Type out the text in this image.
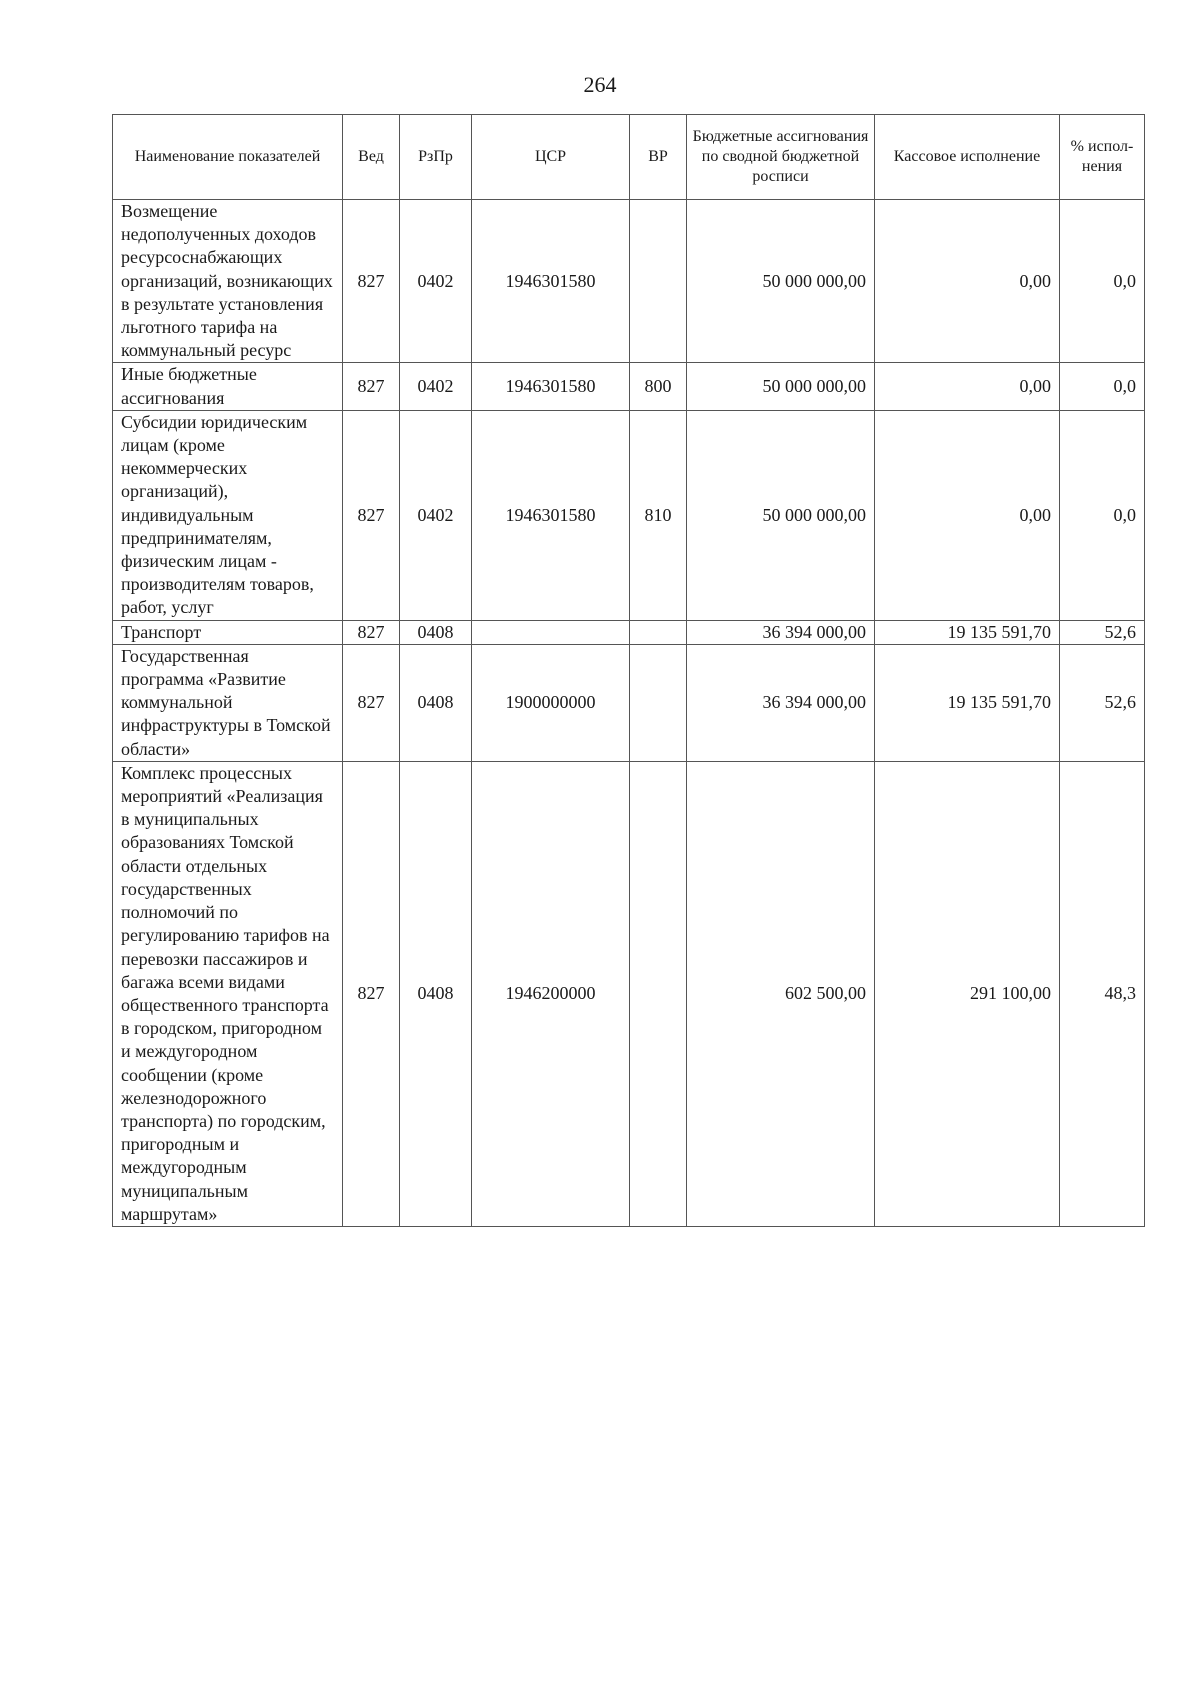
264
Наименование показателей	Вед	РзПр	ЦСР	ВР	Бюджетные ассигнования по сводной бюджетной росписи	Кассовое исполнение	% испол-нения
Возмещение недополученных доходов ресурсоснабжающих организаций, возникающих в результате установления льготного тарифа на коммунальный ресурс	827	0402	1946301580		50 000 000,00	0,00	0,0
Иные бюджетные ассигнования	827	0402	1946301580	800	50 000 000,00	0,00	0,0
Субсидии юридическим лицам (кроме некоммерческих организаций), индивидуальным предпринимателям, физическим лицам - производителям товаров, работ, услуг	827	0402	1946301580	810	50 000 000,00	0,00	0,0
Транспорт	827	0408			36 394 000,00	19 135 591,70	52,6
Государственная программа «Развитие коммунальной инфраструктуры в Томской области»	827	0408	1900000000		36 394 000,00	19 135 591,70	52,6
Комплекс процессных мероприятий «Реализация в муниципальных образованиях Томской области отдельных государственных полномочий по регулированию тарифов на перевозки пассажиров и багажа всеми видами общественного транспорта в городском, пригородном и междугородном сообщении (кроме железнодорожного транспорта) по городским, пригородным и междугородным муниципальным маршрутам»	827	0408	1946200000		602 500,00	291 100,00	48,3
